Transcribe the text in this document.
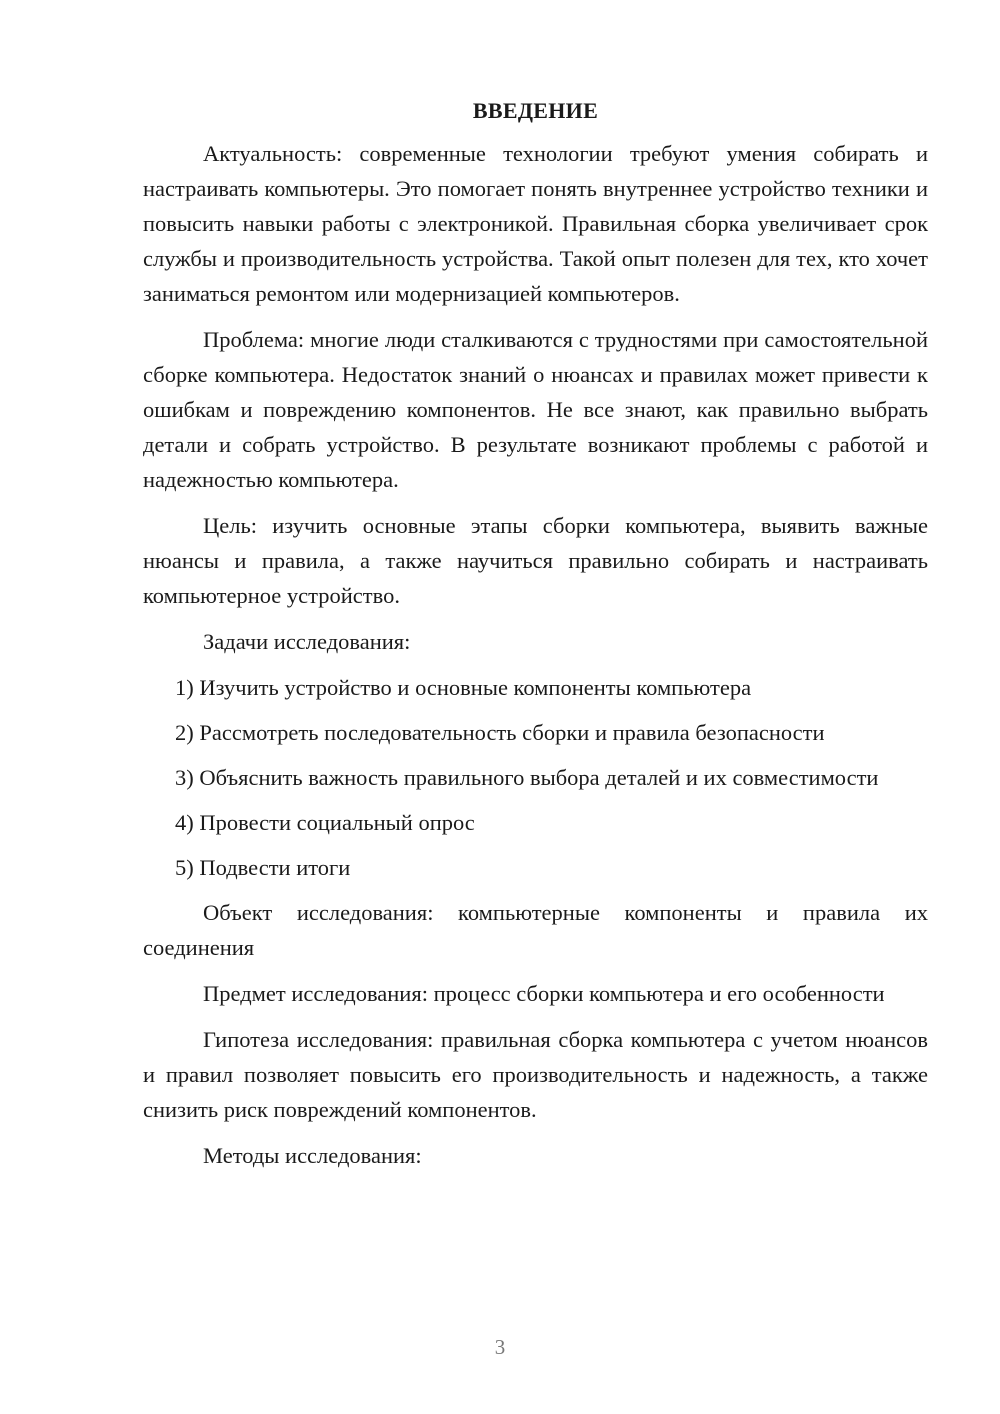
ВВЕДЕНИЕ

Актуальность: современные технологии требуют умения собирать и настраивать компьютеры. Это помогает понять внутреннее устройство техники и повысить навыки работы с электроникой. Правильная сборка увеличивает срок службы и производительность устройства. Такой опыт полезен для тех, кто хочет заниматься ремонтом или модернизацией компьютеров.

Проблема: многие люди сталкиваются с трудностями при самостоятельной сборке компьютера. Недостаток знаний о нюансах и правилах может привести к ошибкам и повреждению компонентов. Не все знают, как правильно выбрать детали и собрать устройство. В результате возникают проблемы с работой и надежностью компьютера.

Цель: изучить основные этапы сборки компьютера, выявить важные нюансы и правила, а также научиться правильно собирать и настраивать компьютерное устройство.

Задачи исследования:

1) Изучить устройство и основные компоненты компьютера

2) Рассмотреть последовательность сборки и правила безопасности

3) Объяснить важность правильного выбора деталей и их совместимости

4) Провести социальный опрос

5) Подвести итоги

Объект исследования: компьютерные компоненты и правила их соединения

Предмет исследования: процесс сборки компьютера и его особенности

Гипотеза исследования: правильная сборка компьютера с учетом нюансов и правил позволяет повысить его производительность и надежность, а также снизить риск повреждений компонентов.

Методы исследования:

3
